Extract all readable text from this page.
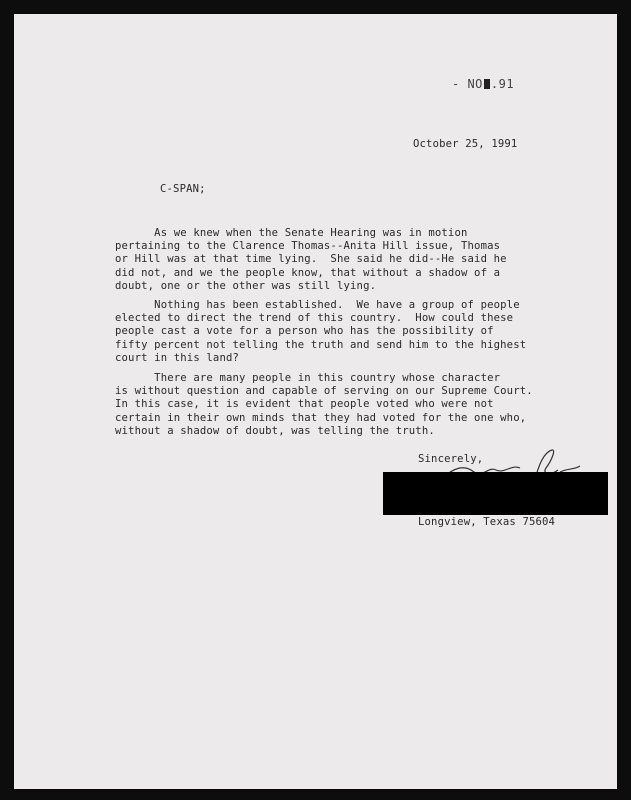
- NO .91
October 25, 1991
C-SPAN;
As we knew when the Senate Hearing was in motion
pertaining to the Clarence Thomas--Anita Hill issue, Thomas
or Hill was at that time lying.  She said he did--He said he
did not, and we the people know, that without a shadow of a
doubt, one or the other was still lying.
Nothing has been established.  We have a group of people
elected to direct the trend of this country.  How could these
people cast a vote for a person who has the possibility of
fifty percent not telling the truth and send him to the highest
court in this land?
There are many people in this country whose character
is without question and capable of serving on our Supreme Court.
In this case, it is evident that people voted who were not
certain in their own minds that they had voted for the one who,
without a shadow of doubt, was telling the truth.
Sincerely,
Longview, Texas 75604
